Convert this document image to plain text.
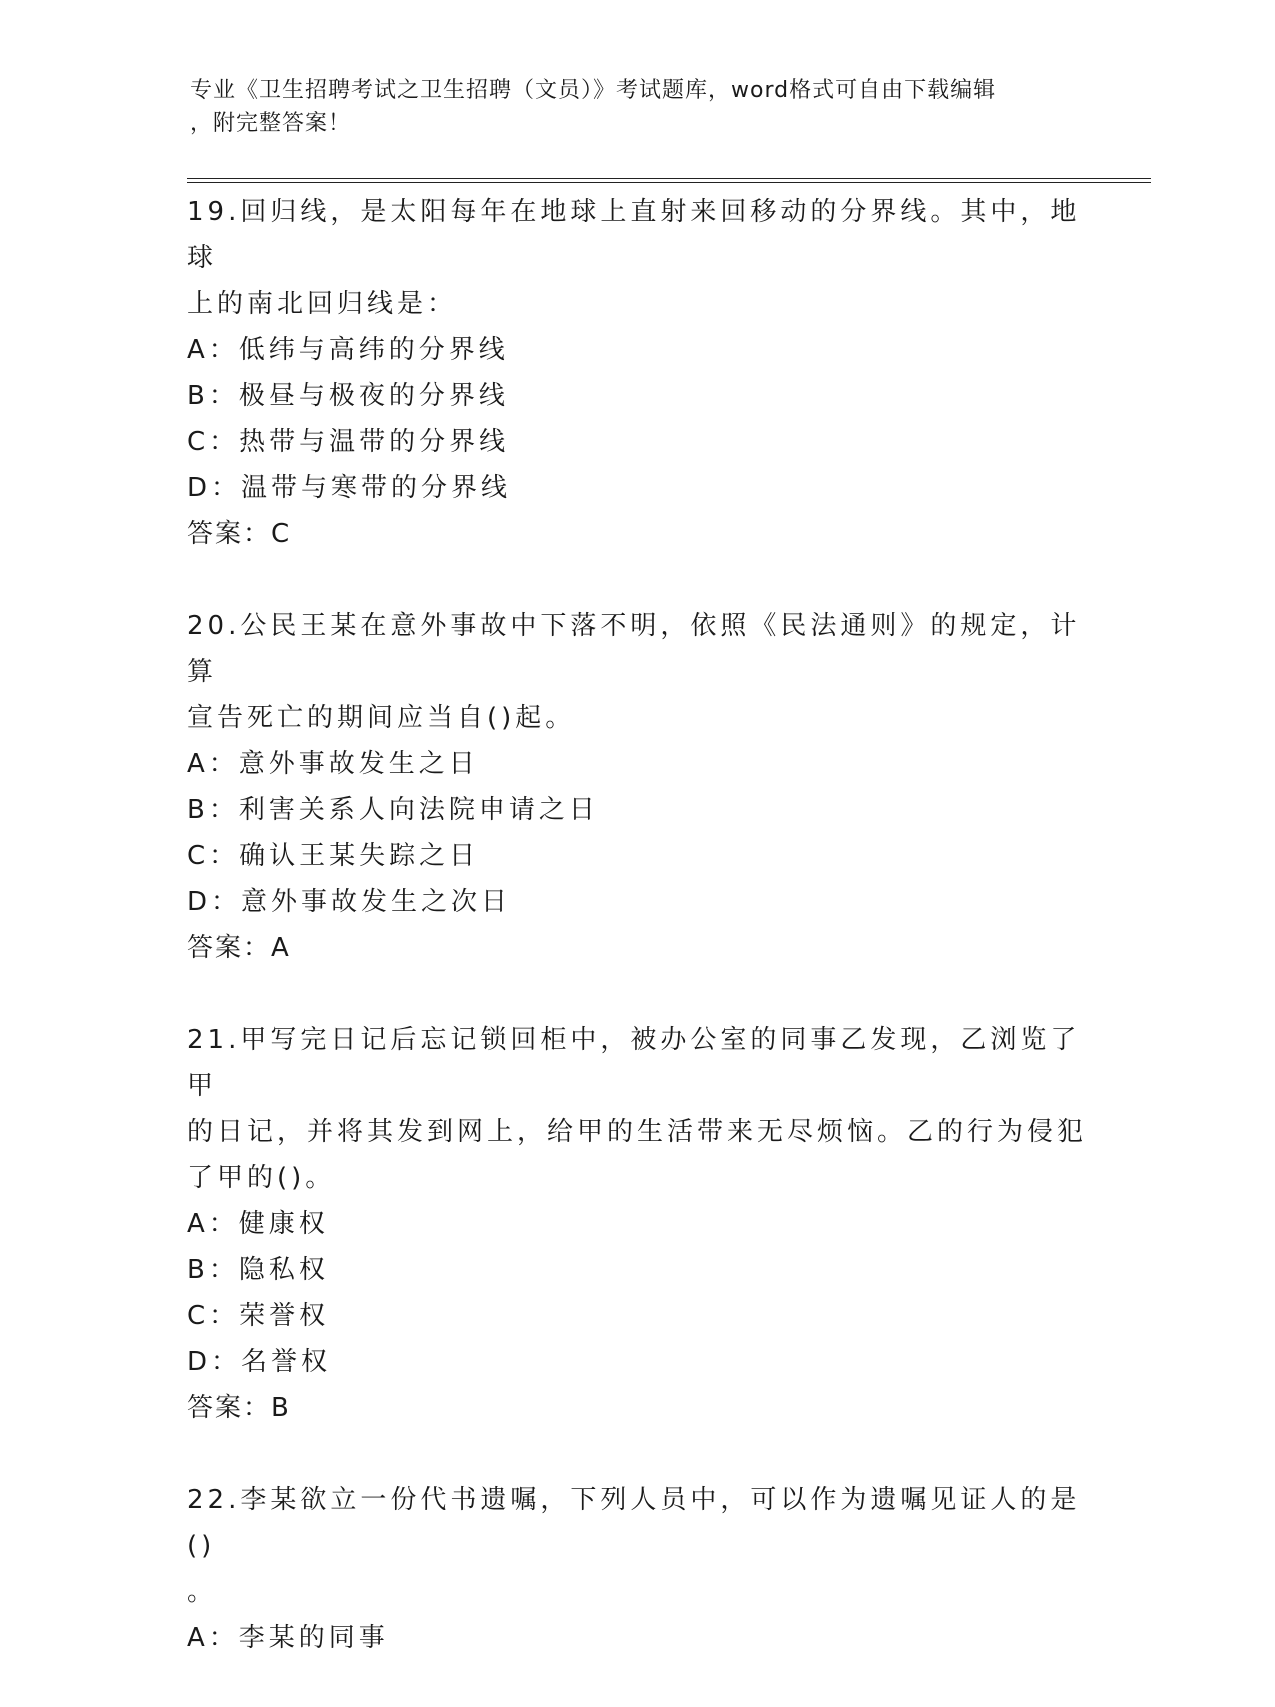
专业《卫生招聘考试之卫生招聘（文员）》考试题库，word格式可自由下载编辑
，附完整答案！

19.回归线，是太阳每年在地球上直射来回移动的分界线。其中，地球

上的南北回归线是：

A：低纬与高纬的分界线

B：极昼与极夜的分界线

C：热带与温带的分界线

D：温带与寒带的分界线

答案：C

20.公民王某在意外事故中下落不明，依照《民法通则》的规定，计算

宣告死亡的期间应当自()起。

A：意外事故发生之日

B：利害关系人向法院申请之日

C：确认王某失踪之日

D：意外事故发生之次日

答案：A

21.甲写完日记后忘记锁回柜中，被办公室的同事乙发现，乙浏览了甲

的日记，并将其发到网上，给甲的生活带来无尽烦恼。乙的行为侵犯

了甲的()。

A：健康权

B：隐私权

C：荣誉权

D：名誉权

答案：B

22.李某欲立一份代书遗嘱，下列人员中，可以作为遗嘱见证人的是()

。

A：李某的同事
